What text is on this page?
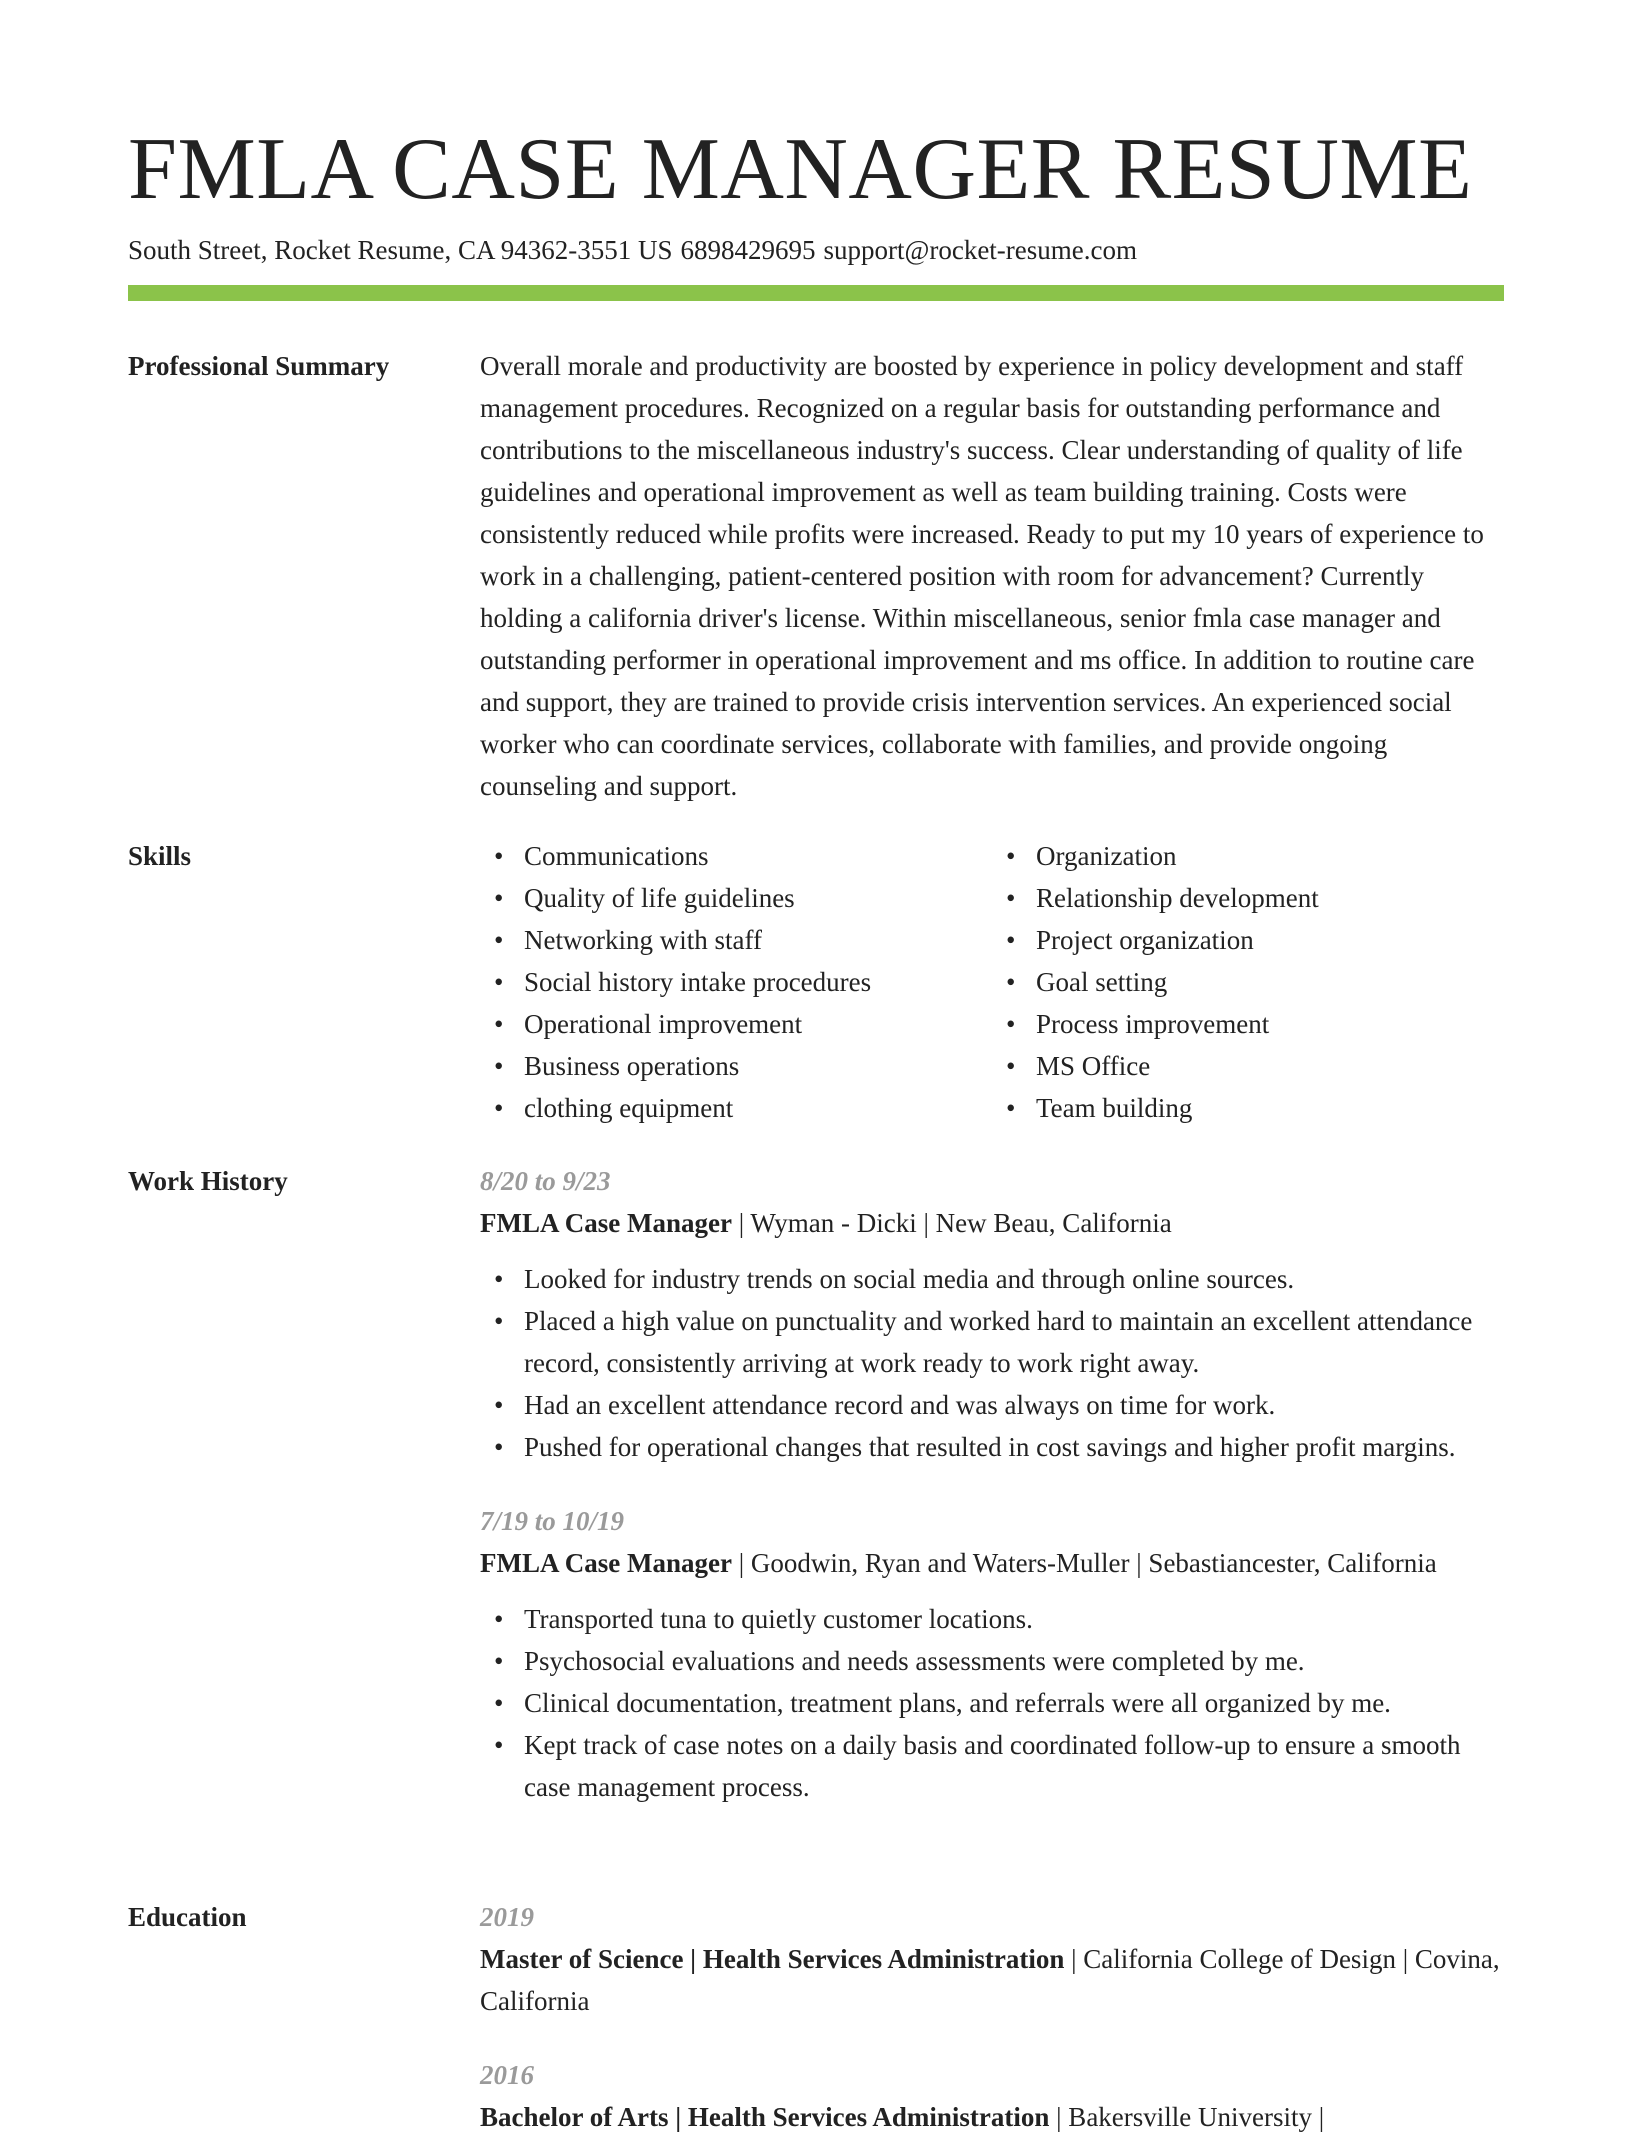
FMLA CASE MANAGER RESUME
South Street, Rocket Resume, CA 94362-3551 US 6898429695 support@rocket-resume.com
Professional Summary	Overall morale and productivity are boosted by experience in policy development and staff management procedures. Recognized on a regular basis for outstanding performance and contributions to the miscellaneous industry's success. Clear understanding of quality of life guidelines and operational improvement as well as team building training. Costs were consistently reduced while profits were increased. Ready to put my 10 years of experience to work in a challenging, patient-centered position with room for advancement? Currently holding a california driver's license. Within miscellaneous, senior fmla case manager and outstanding performer in operational improvement and ms office. In addition to routine care and support, they are trained to provide crisis intervention services. An experienced social worker who can coordinate services, collaborate with families, and provide ongoing counseling and support.

Skills
•	Communications
• Quality of life guidelines
• Networking with staff
• Social history intake procedures
• Operational improvement
• Business operations
• clothing equipment
• Organization
• Relationship development
• Project organization
• Goal setting
• Process improvement
• MS Office
• Team building
Work History	8/20 to 9/23
FMLA Case Manager | Wyman - Dicki | New Beau, California
• Looked for industry trends on social media and through online sources.
• Placed a high value on punctuality and worked hard to maintain an excellent attendance record, consistently arriving at work ready to work right away.
• Had an excellent attendance record and was always on time for work.
• Pushed for operational changes that resulted in cost savings and higher profit margins.
7/19 to 10/19
FMLA Case Manager | Goodwin, Ryan and Waters-Muller | Sebastiancester, California
• Transported tuna to quietly customer locations.
• Psychosocial evaluations and needs assessments were completed by me.
• Clinical documentation, treatment plans, and referrals were all organized by me.
• Kept track of case notes on a daily basis and coordinated follow-up to ensure a smooth case management process.
Education	2019
Master of Science | Health Services Administration | California College of Design | Covina, California
2016
Bachelor of Arts | Health Services Administration | Bakersville University |
